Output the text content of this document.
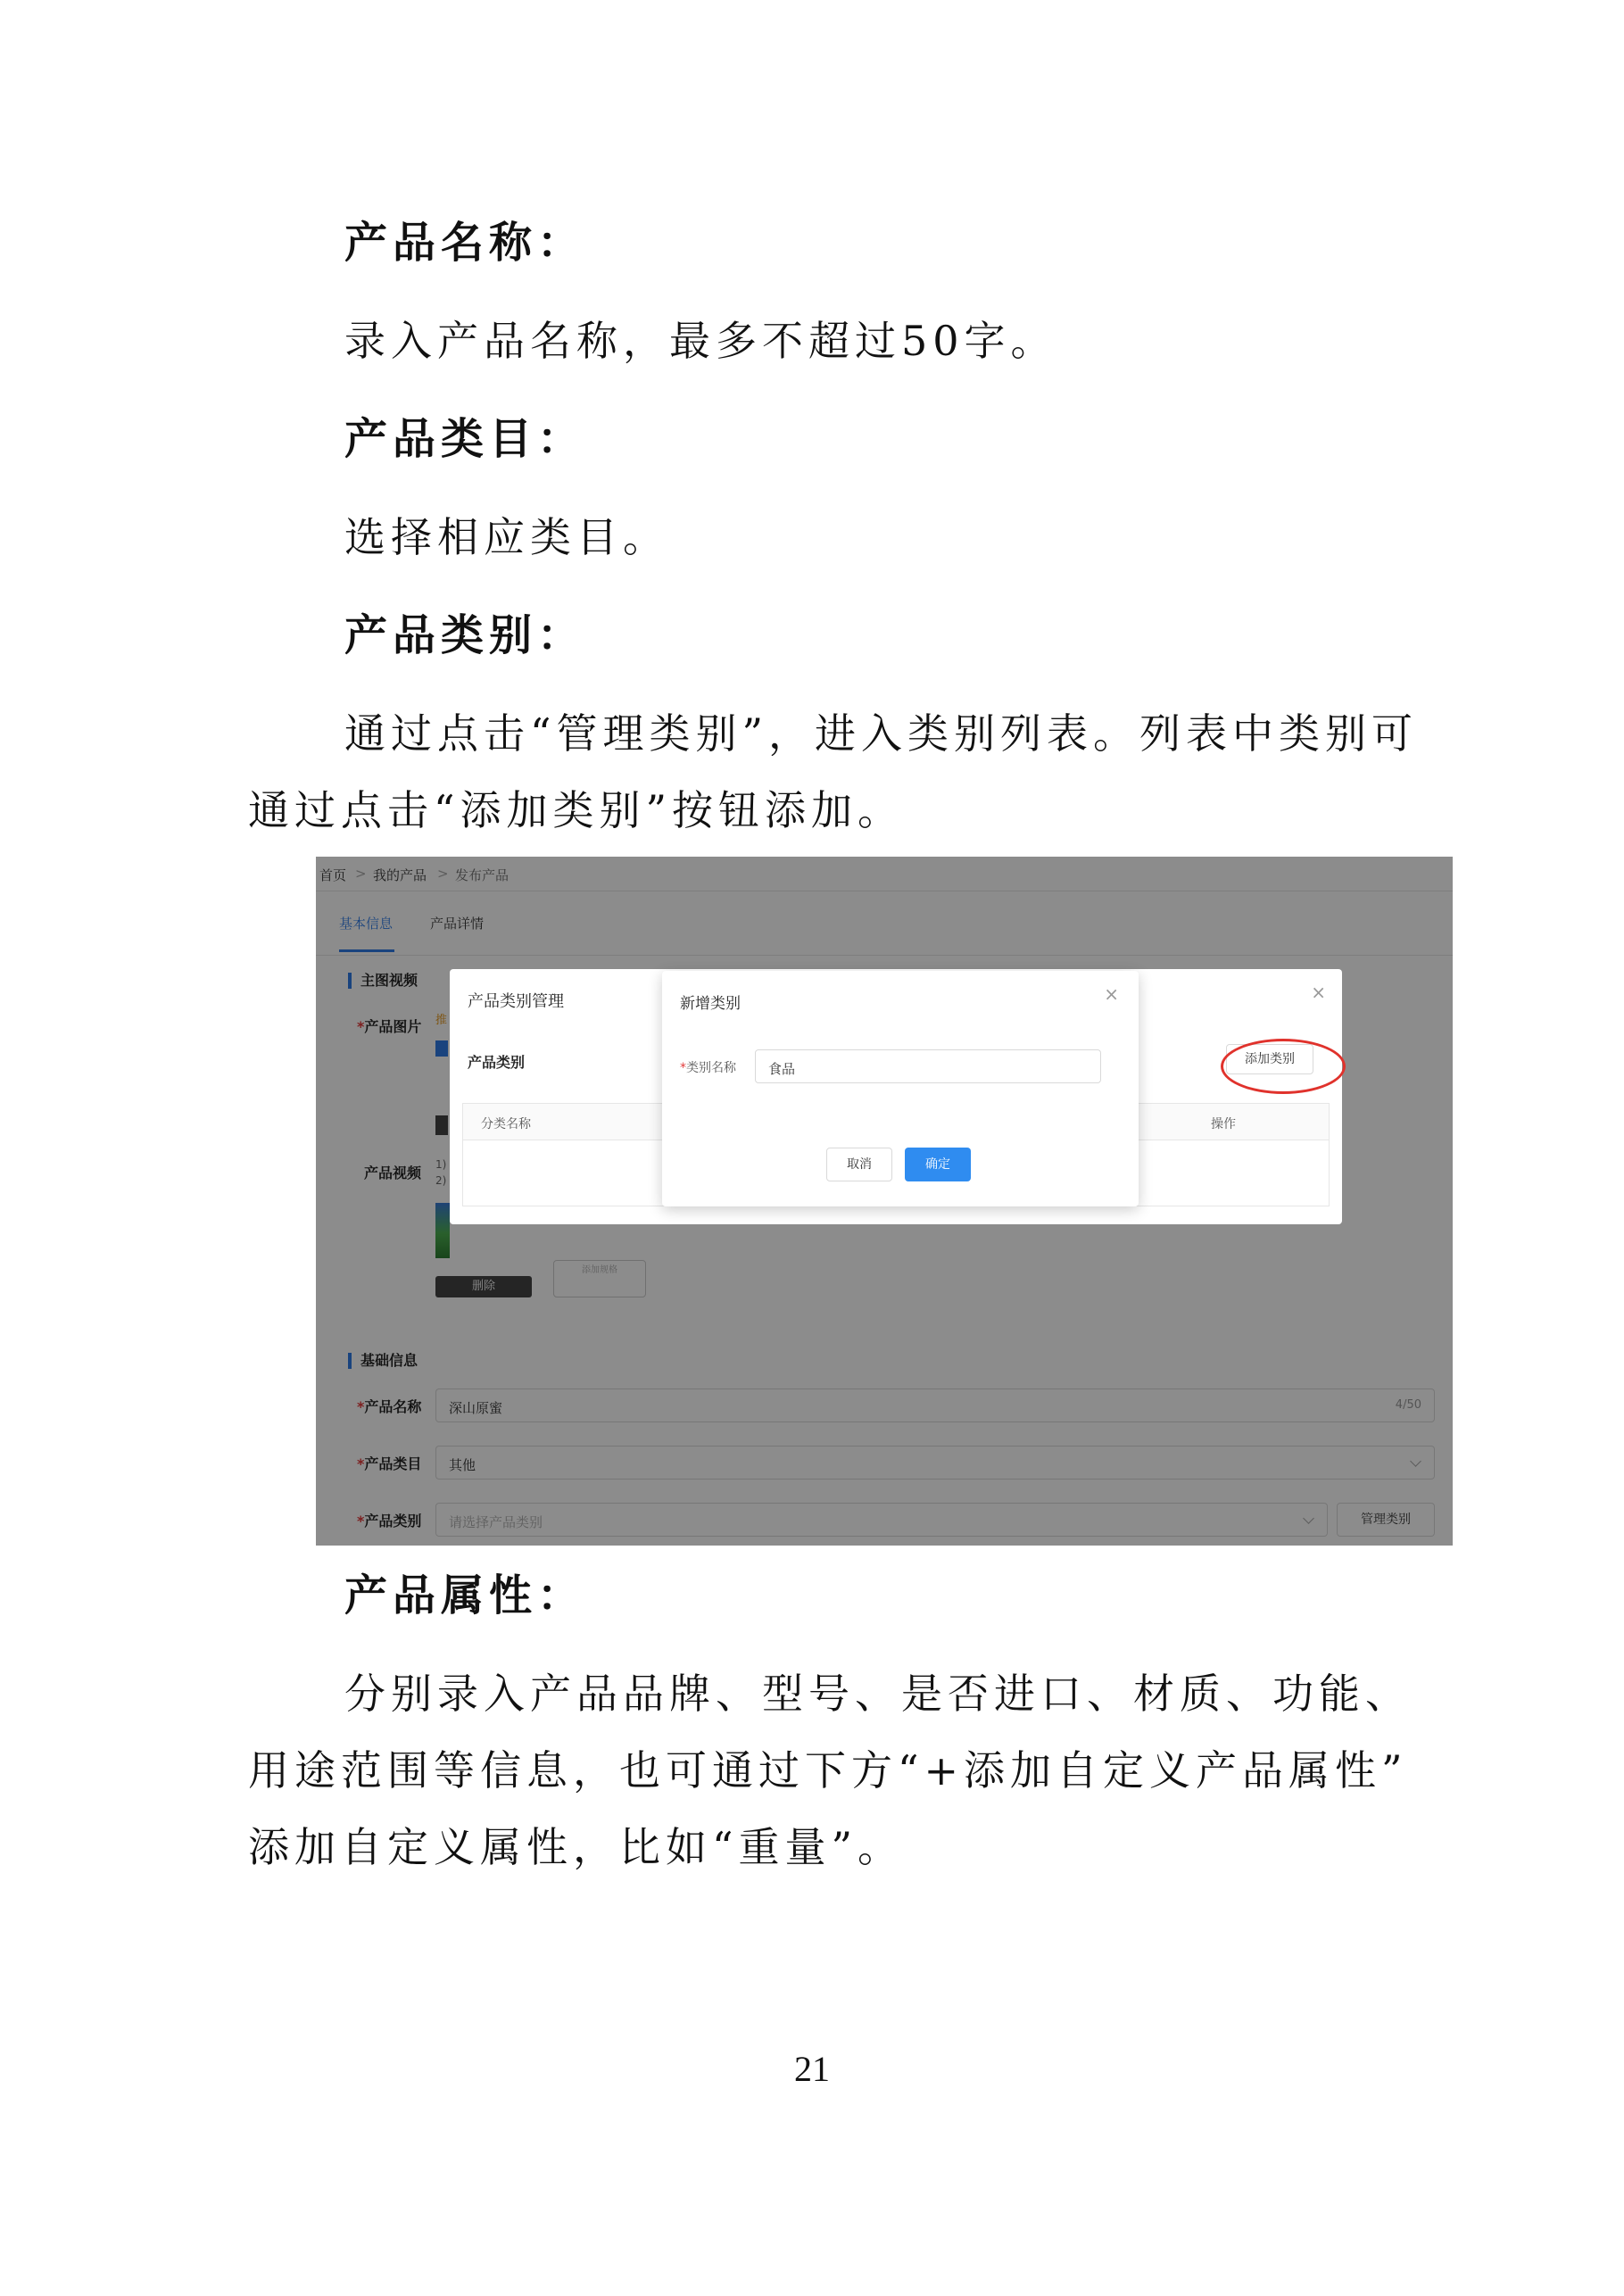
产品名称：
录入产品名称，最多不超过50字。
产品类目：
选择相应类目。
产品类别：
通过点击“管理类别”，进入类别列表。列表中类别可
通过点击“添加类别”按钮添加。
首页 > 我的产品 > 发布产品
基本信息	产品详情
主图视频
*产品图片 推
产品视频 1)
2)
删除
添加规格
基础信息
*产品名称	深山原蜜	4/50
*产品类目	其他
*产品类别	请选择产品类别	管理类别
产品类别管理	×
产品类别	添加类别
分类名称	操作
新增类别	×
*类别名称	食品
取消	确定
产品属性：
分别录入产品品牌、型号、是否进口、材质、功能、
用途范围等信息，也可通过下方“+添加自定义产品属性”
添加自定义属性，比如“重量”。
21
